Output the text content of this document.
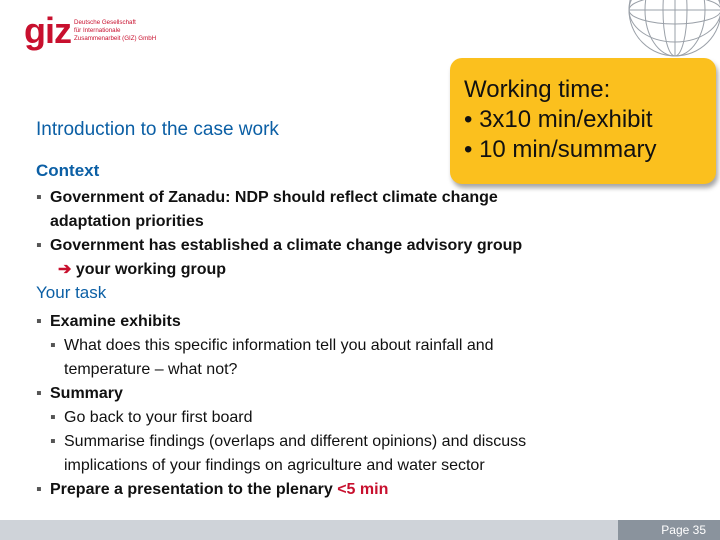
giz Deutsche Gesellschaft
für Internationale
Zusammenarbeit (GIZ) GmbH
Introduction to the case work
Context
Working time:
• 3x10 min/exhibit
• 10 min/summary
▪ Government of Zanadu: NDP should reflect climate change
adaptation priorities
▪ Government has established a climate change advisory group
➔ your working group
Your task
▪ Examine exhibits
▪ What does this specific information tell you about rainfall and
temperature – what not?
▪ Summary
▪ Go back to your first board
▪ Summarise findings (overlaps and different opinions) and discuss
implications of your findings on agriculture and water sector
▪ Prepare a presentation to the plenary <5 min
Page 35
